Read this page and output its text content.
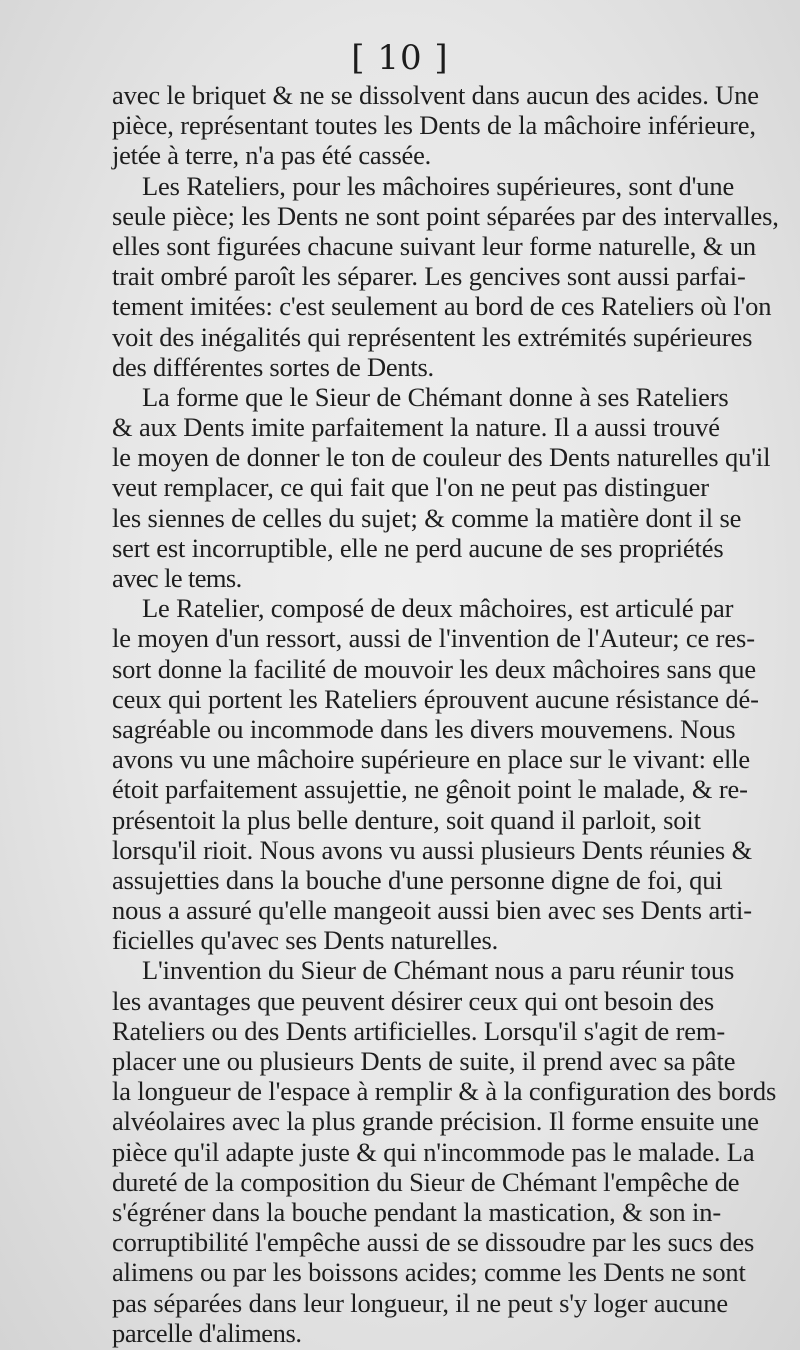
[ 10 ]
avec le briquet & ne se dissolvent dans aucun des acides. Une
pièce, représentant toutes les Dents de la mâchoire inférieure,
jetée à terre, n'a pas été cassée.
Les Rateliers, pour les mâchoires supérieures, sont d'une
seule pièce; les Dents ne sont point séparées par des intervalles,
elles sont figurées chacune suivant leur forme naturelle, & un
trait ombré paroît les séparer. Les gencives sont aussi parfai-
tement imitées: c'est seulement au bord de ces Rateliers où l'on
voit des inégalités qui représentent les extrémités supérieures
des différentes sortes de Dents.
La forme que le Sieur de Chémant donne à ses Rateliers
& aux Dents imite parfaitement la nature. Il a aussi trouvé
le moyen de donner le ton de couleur des Dents naturelles qu'il
veut remplacer, ce qui fait que l'on ne peut pas distinguer
les siennes de celles du sujet; & comme la matière dont il se
sert est incorruptible, elle ne perd aucune de ses propriétés
avec le tems.
Le Ratelier, composé de deux mâchoires, est articulé par
le moyen d'un ressort, aussi de l'invention de l'Auteur; ce res-
sort donne la facilité de mouvoir les deux mâchoires sans que
ceux qui portent les Rateliers éprouvent aucune résistance dé-
sagréable ou incommode dans les divers mouvemens. Nous
avons vu une mâchoire supérieure en place sur le vivant: elle
étoit parfaitement assujettie, ne gênoit point le malade, & re-
présentoit la plus belle denture, soit quand il parloit, soit
lorsqu'il rioit. Nous avons vu aussi plusieurs Dents réunies &
assujetties dans la bouche d'une personne digne de foi, qui
nous a assuré qu'elle mangeoit aussi bien avec ses Dents arti-
ficielles qu'avec ses Dents naturelles.
L'invention du Sieur de Chémant nous a paru réunir tous
les avantages que peuvent désirer ceux qui ont besoin des
Rateliers ou des Dents artificielles. Lorsqu'il s'agit de rem-
placer une ou plusieurs Dents de suite, il prend avec sa pâte
la longueur de l'espace à remplir & à la configuration des bords
alvéolaires avec la plus grande précision. Il forme ensuite une
pièce qu'il adapte juste & qui n'incommode pas le malade. La
dureté de la composition du Sieur de Chémant l'empêche de
s'égréner dans la bouche pendant la mastication, & son in-
corruptibilité l'empêche aussi de se dissoudre par les sucs des
alimens ou par les boissons acides; comme les Dents ne sont
pas séparées dans leur longueur, il ne peut s'y loger aucune
parcelle d'alimens.
